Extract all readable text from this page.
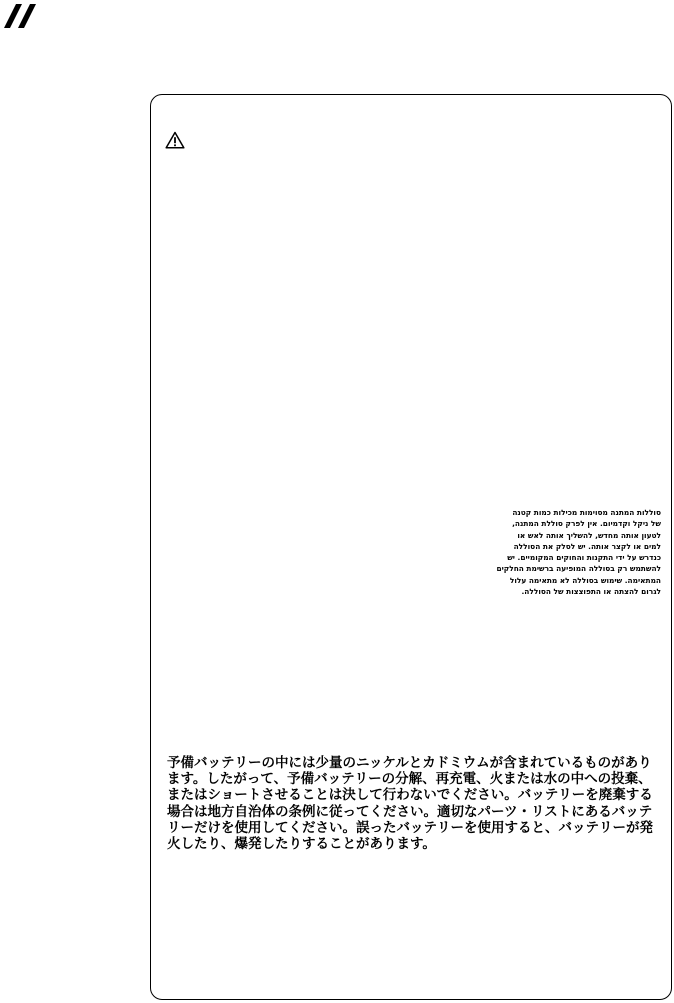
סוללות המתנה מסוימות מכילות כמות קטנה
של ניקל וקדמיום. אין לפרק סוללת המתנה,
לטעון אותה מחדש, להשליך אותה לאש או
למים או לקצר אותה. יש לסלק את הסוללה
כנדרש על ידי התקנות והחוקים המקומיים. יש
להשתמש רק בסוללה המופיעה ברשימת החלקים
המתאימה. שימוש בסוללה לא מתאימה עלול
לגרום להצתה או התפוצצות של הסוללה.
予備バッテリーの中には少量のニッケルとカドミウムが含まれているものがあり
ます。したがって、予備バッテリーの分解、再充電、火または水の中への投棄、
またはショートさせることは決して行わないでください。バッテリーを廃棄する
場合は地方自治体の条例に従ってください。適切なパーツ・リストにあるバッテ
リーだけを使用してください。誤ったバッテリーを使用すると、バッテリーが発
火したり、爆発したりすることがあります。
